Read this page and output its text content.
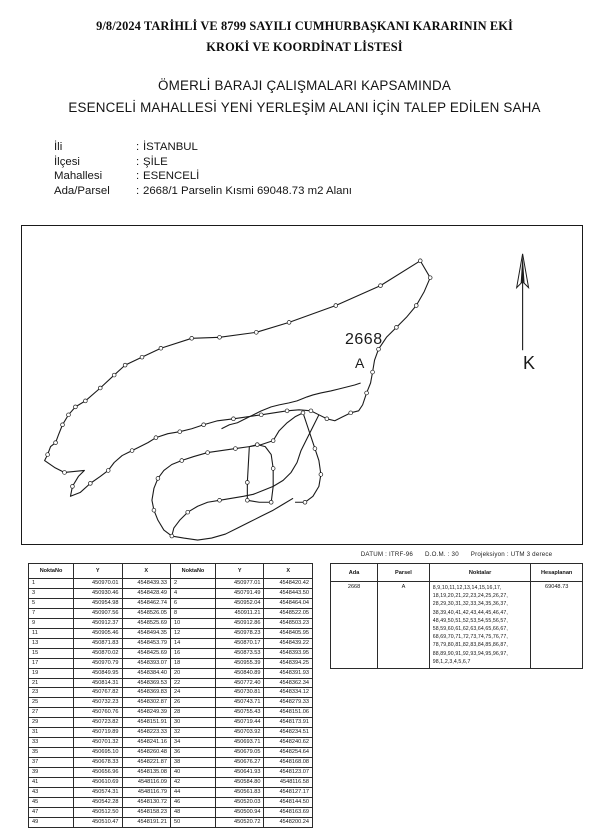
9/8/2024 TARİHLİ VE 8799 SAYILI CUMHURBAŞKANI KARARININ EKİ
KROKİ VE KOORDİNAT LİSTESİ
ÖMERLİ BARAJI ÇALIŞMALARI KAPSAMINDA
ESENCELİ MAHALLESİ YENİ YERLEŞİM ALANI İÇİN TALEP EDİLEN SAHA
İli	: İSTANBUL
İlçesi	: ŞİLE
Mahallesi	: ESENCELİ
Ada/Parsel	: 2668/1 Parselin Kısmi 69048.73 m2 Alanı
2668
A	K
DATUM : ITRF-96 D.O.M. : 30 Projeksiyon : UTM 3 derece
NoktaNo	Y	X	NoktaNo	Y	X
1	450970.01	4548439.33	2	450977.01	4548420.42
3	450930.46	4548428.49	4	450791.49	4548443.50
5	450954.98	4548462.74	6	450952.04	4548464.04
7	450907.56	4548526.05	8	450911.21	4548522.05
9	450912.37	4548525.69	10	450912.86	4548503.23
11	450905.46	4548494.35	12	450978.23	4548405.95
13	450871.83	4548453.79	14	450870.17	4548439.22
15	450870.02	4548425.69	16	450873.53	4548393.95
17	450970.79	4548393.07	18	450955.39	4548394.25
19	450849.95	4548384.40	20	450840.89	4548391.93
21	450814.31	4548369.53	22	450772.40	4548362.34
23	450767.82	4548369.83	24	450730.81	4548334.12
25	450732.23	4548302.87	26	450743.71	4548279.33
27	450760.76	4548249.39	28	450755.43	4548151.06
29	450723.82	4548151.91	30	450719.44	4548173.91
31	450719.89	4548223.33	32	450703.92	4548234.51
33	450701.32	4548241.16	34	450693.71	4548240.62
35	450695.10	4548260.48	36	450679.05	4548254.64
37	450678.33	4548221.87	38	450676.27	4548168.08
39	450656.96	4548135.08	40	450641.93	4548123.07
41	450610.69	4548116.09	42	450584.80	4548116.58
43	450574.31	4548116.79	44	450561.83	4548127.17
45	450542.28	4548130.72	46	450520.03	4548144.50
47	450512.50	4548158.23	48	450500.94	4548163.69
49	450510.47	4548191.21	50	450520.72	4548200.24
Ada	Parsel	Noktalar	Hesaplanan
2668	A	8,9,10,11,12,13,14,15,16,17,
18,19,20,21,22,23,24,25,26,27,
28,29,30,31,32,33,34,35,36,37,
38,39,40,41,42,43,44,45,46,47,
48,49,50,51,52,53,54,55,56,57,
58,59,60,61,62,63,64,65,66,67,
68,69,70,71,72,73,74,75,76,77,
78,79,80,81,82,83,84,85,86,87,
88,89,90,91,92,93,94,95,96,97,
98,1,2,3,4,5,6,7
	69048.73
